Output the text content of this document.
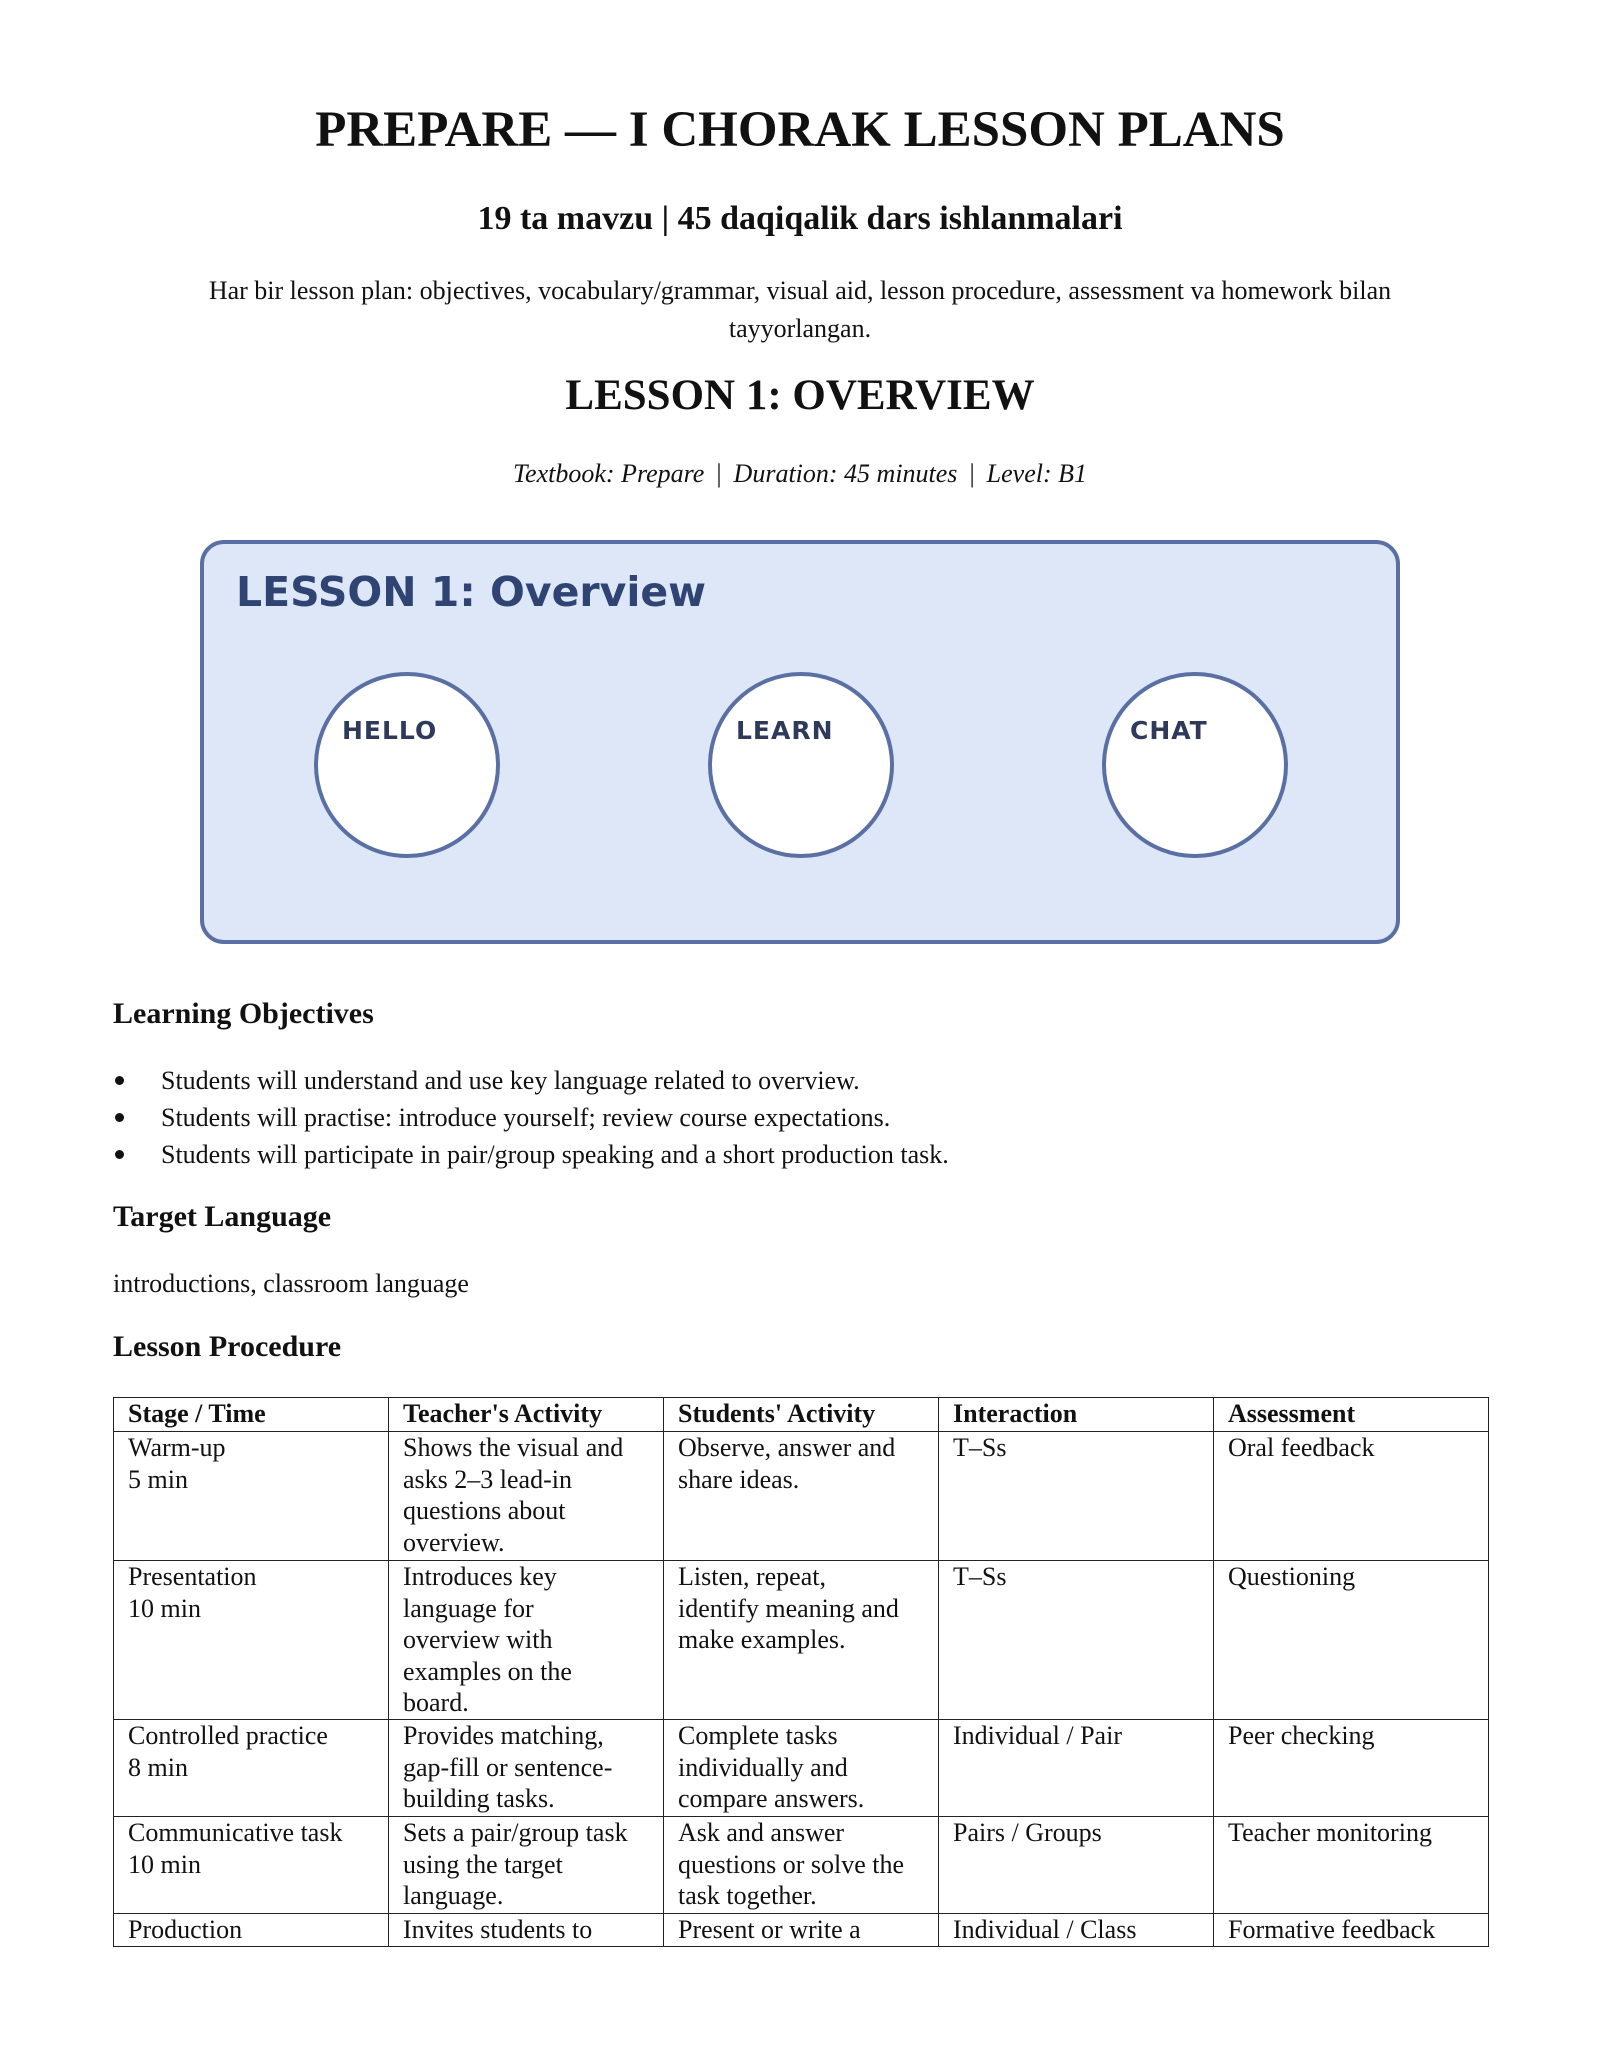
PREPARE — I CHORAK LESSON PLANS
19 ta mavzu | 45 daqiqalik dars ishlanmalari
Har bir lesson plan: objectives, vocabulary/grammar, visual aid, lesson procedure, assessment va homework bilan tayyorlangan.
LESSON 1: OVERVIEW
Textbook: Prepare | Duration: 45 minutes | Level: B1
LESSON 1: Overview
HELLO	LEARN	CHAT
Learning Objectives
Students will understand and use key language related to overview.
Students will practise: introduce yourself; review course expectations.
Students will participate in pair/group speaking and a short production task.
Target Language
introductions, classroom language
Lesson Procedure
Stage / Time	Teacher's Activity	Students' Activity	Interaction	Assessment

Warm-up
5 min	Shows the visual and
asks 2–3 lead-in
questions about
overview.	Observe, answer and
share ideas.	T–Ss	Oral feedback

Presentation
10 min	Introduces key
language for
overview with
examples on the
board.	Listen, repeat,
identify meaning and
make examples.	T–Ss	Questioning

Controlled practice
8 min	Provides matching,
gap-fill or sentence-
building tasks.	Complete tasks
individually and
compare answers.	Individual / Pair	Peer checking

Communicative task
10 min	Sets a pair/group task
using the target
language.	Ask and answer
questions or solve the
task together.	Pairs / Groups	Teacher monitoring

Production	Invites students to	Present or write a	Individual / Class	Formative feedback
